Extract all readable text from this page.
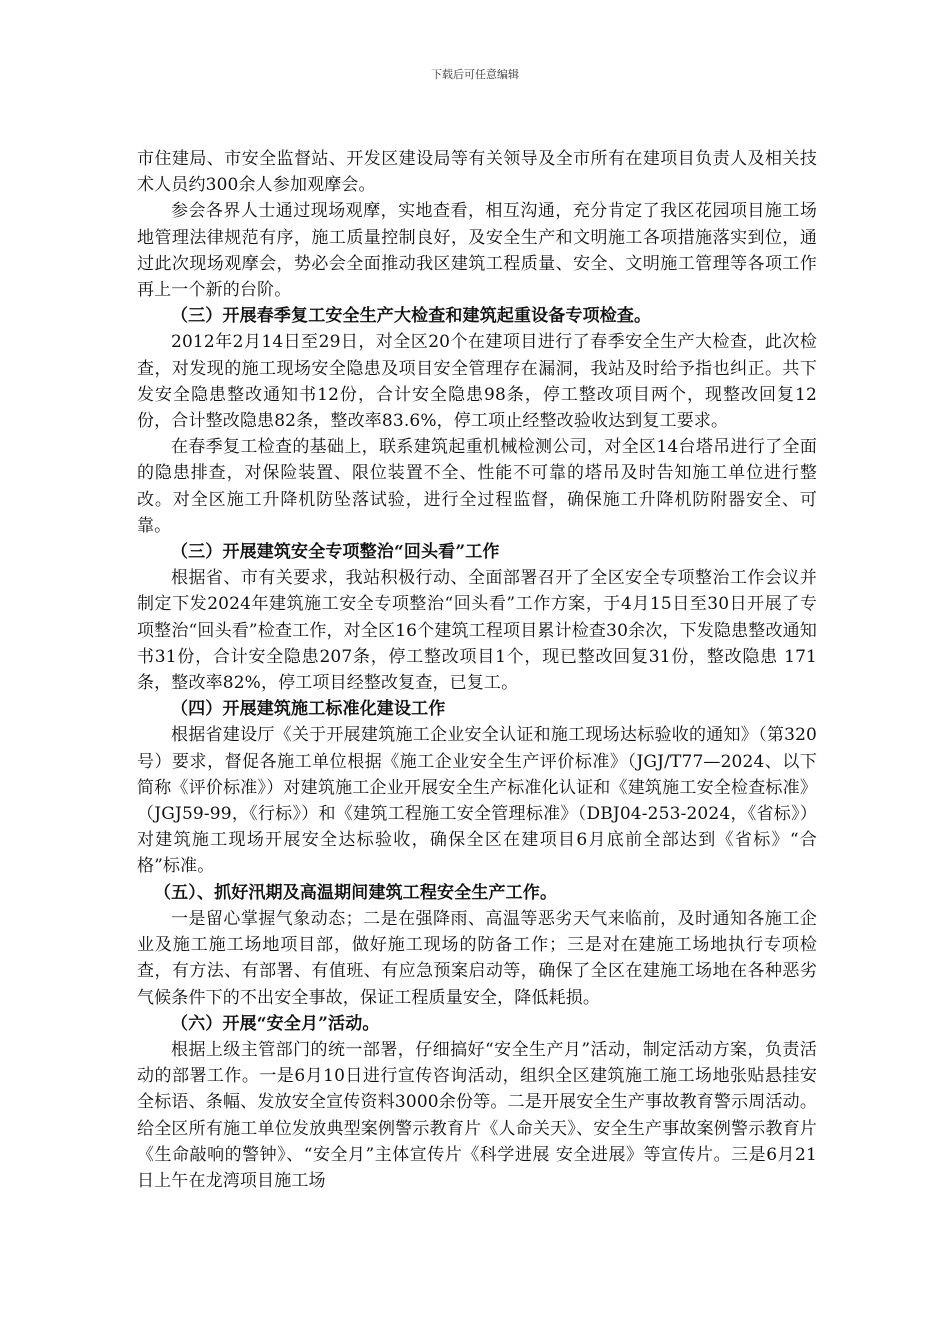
下载后可任意编辑

市住建局、市安全监督站、开发区建设局等有关领导及全市所有在建项目负责人及相关技术人员约300余人参加观摩会。

参会各界人士通过现场观摩，实地查看，相互沟通，充分肯定了我区花园项目施工场地管理法律规范有序，施工质量控制良好，及安全生产和文明施工各项措施落实到位，通过此次现场观摩会，势必会全面推动我区建筑工程质量、安全、文明施工管理等各项工作再上一个新的台阶。

（三）开展春季复工安全生产大检查和建筑起重设备专项检查。

2012年2月14日至29日，对全区20个在建项目进行了春季安全生产大检查，此次检查，对发现的施工现场安全隐患及项目安全管理存在漏洞，我站及时给予指也纠正。共下发安全隐患整改通知书12份，合计安全隐患98条，停工整改项目两个，现整改回复12份，合计整改隐患82条，整改率83.6%，停工项止经整改验收达到复工要求。

在春季复工检查的基础上，联系建筑起重机械检测公司，对全区14台塔吊进行了全面的隐患排查，对保险装置、限位装置不全、性能不可靠的塔吊及时告知施工单位进行整改。对全区施工升降机防坠落试验，进行全过程监督，确保施工升降机防附器安全、可靠。

（三）开展建筑安全专项整治“回头看”工作

根据省、市有关要求，我站积极行动、全面部署召开了全区安全专项整治工作会议并制定下发2024年建筑施工安全专项整治“回头看”工作方案，于4月15日至30日开展了专项整治“回头看”检查工作，对全区16个建筑工程项目累计检查30余次，下发隐患整改通知书31份，合计安全隐患207条，停工整改项目1个，现已整改回复31份，整改隐患 171条，整改率82%，停工项目经整改复查，已复工。

（四）开展建筑施工标准化建设工作

根据省建设厅《关于开展建筑施工企业安全认证和施工现场达标验收的通知》（第320号）要求，督促各施工单位根据《施工企业安全生产评价标准》（JGJ/T77—2024、以下简称《评价标准》）对建筑施工企业开展安全生产标准化认证和《建筑施工安全检查标准》（JGJ59-99，《行标》）和《建筑工程施工安全管理标准》（DBJ04-253-2024，《省标》）对建筑施工现场开展安全达标验收，确保全区在建项目6月底前全部达到《省标》“合格”标准。

（五）、抓好汛期及高温期间建筑工程安全生产工作。

一是留心掌握气象动态；二是在强降雨、高温等恶劣天气来临前，及时通知各施工企业及施工施工场地项目部，做好施工现场的防备工作；三是对在建施工场地执行专项检查，有方法、有部署、有值班、有应急预案启动等，确保了全区在建施工场地在各种恶劣气候条件下的不出安全事故，保证工程质量安全，降低耗损。

（六）开展“安全月”活动。

根据上级主管部门的统一部署，仔细搞好“安全生产月”活动，制定活动方案，负责活动的部署工作。一是6月10日进行宣传咨询活动，组织全区建筑施工施工场地张贴悬挂安全标语、条幅、发放安全宣传资料3000余份等。二是开展安全生产事故教育警示周活动。给全区所有施工单位发放典型案例警示教育片《人命关天》、安全生产事故案例警示教育片《生命敲响的警钟》、“安全月”主体宣传片《科学进展 安全进展》等宣传片。三是6月21日上午在龙湾项目施工场
